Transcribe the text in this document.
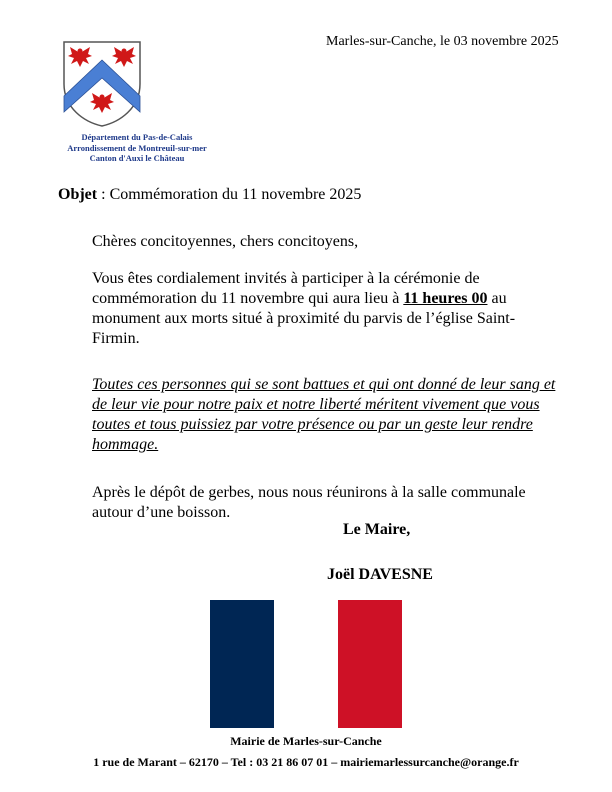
Marles-sur-Canche, le 03 novembre 2025
Département du Pas-de-Calais
Arrondissement de Montreuil-sur-mer
Canton d'Auxi le Château
Objet : Commémoration du 11 novembre 2025
Chères concitoyennes, chers concitoyens,
Vous êtes cordialement invités à participer à la cérémonie de commémoration du 11 novembre qui aura lieu à 11 heures 00 au monument aux morts situé à proximité du parvis de l’église Saint-Firmin.
Toutes ces personnes qui se sont battues et qui ont donné de leur sang et de leur vie pour notre paix et notre liberté méritent vivement que vous toutes et tous puissiez par votre présence ou par un geste leur rendre hommage.
Après le dépôt de gerbes, nous nous réunirons à la salle communale autour d’une boisson.
Le Maire,
Joël DAVESNE
Mairie de Marles-sur-Canche
1 rue de Marant – 62170 – Tel : 03 21 86 07 01 – mairiemarlessurcanche@orange.fr
